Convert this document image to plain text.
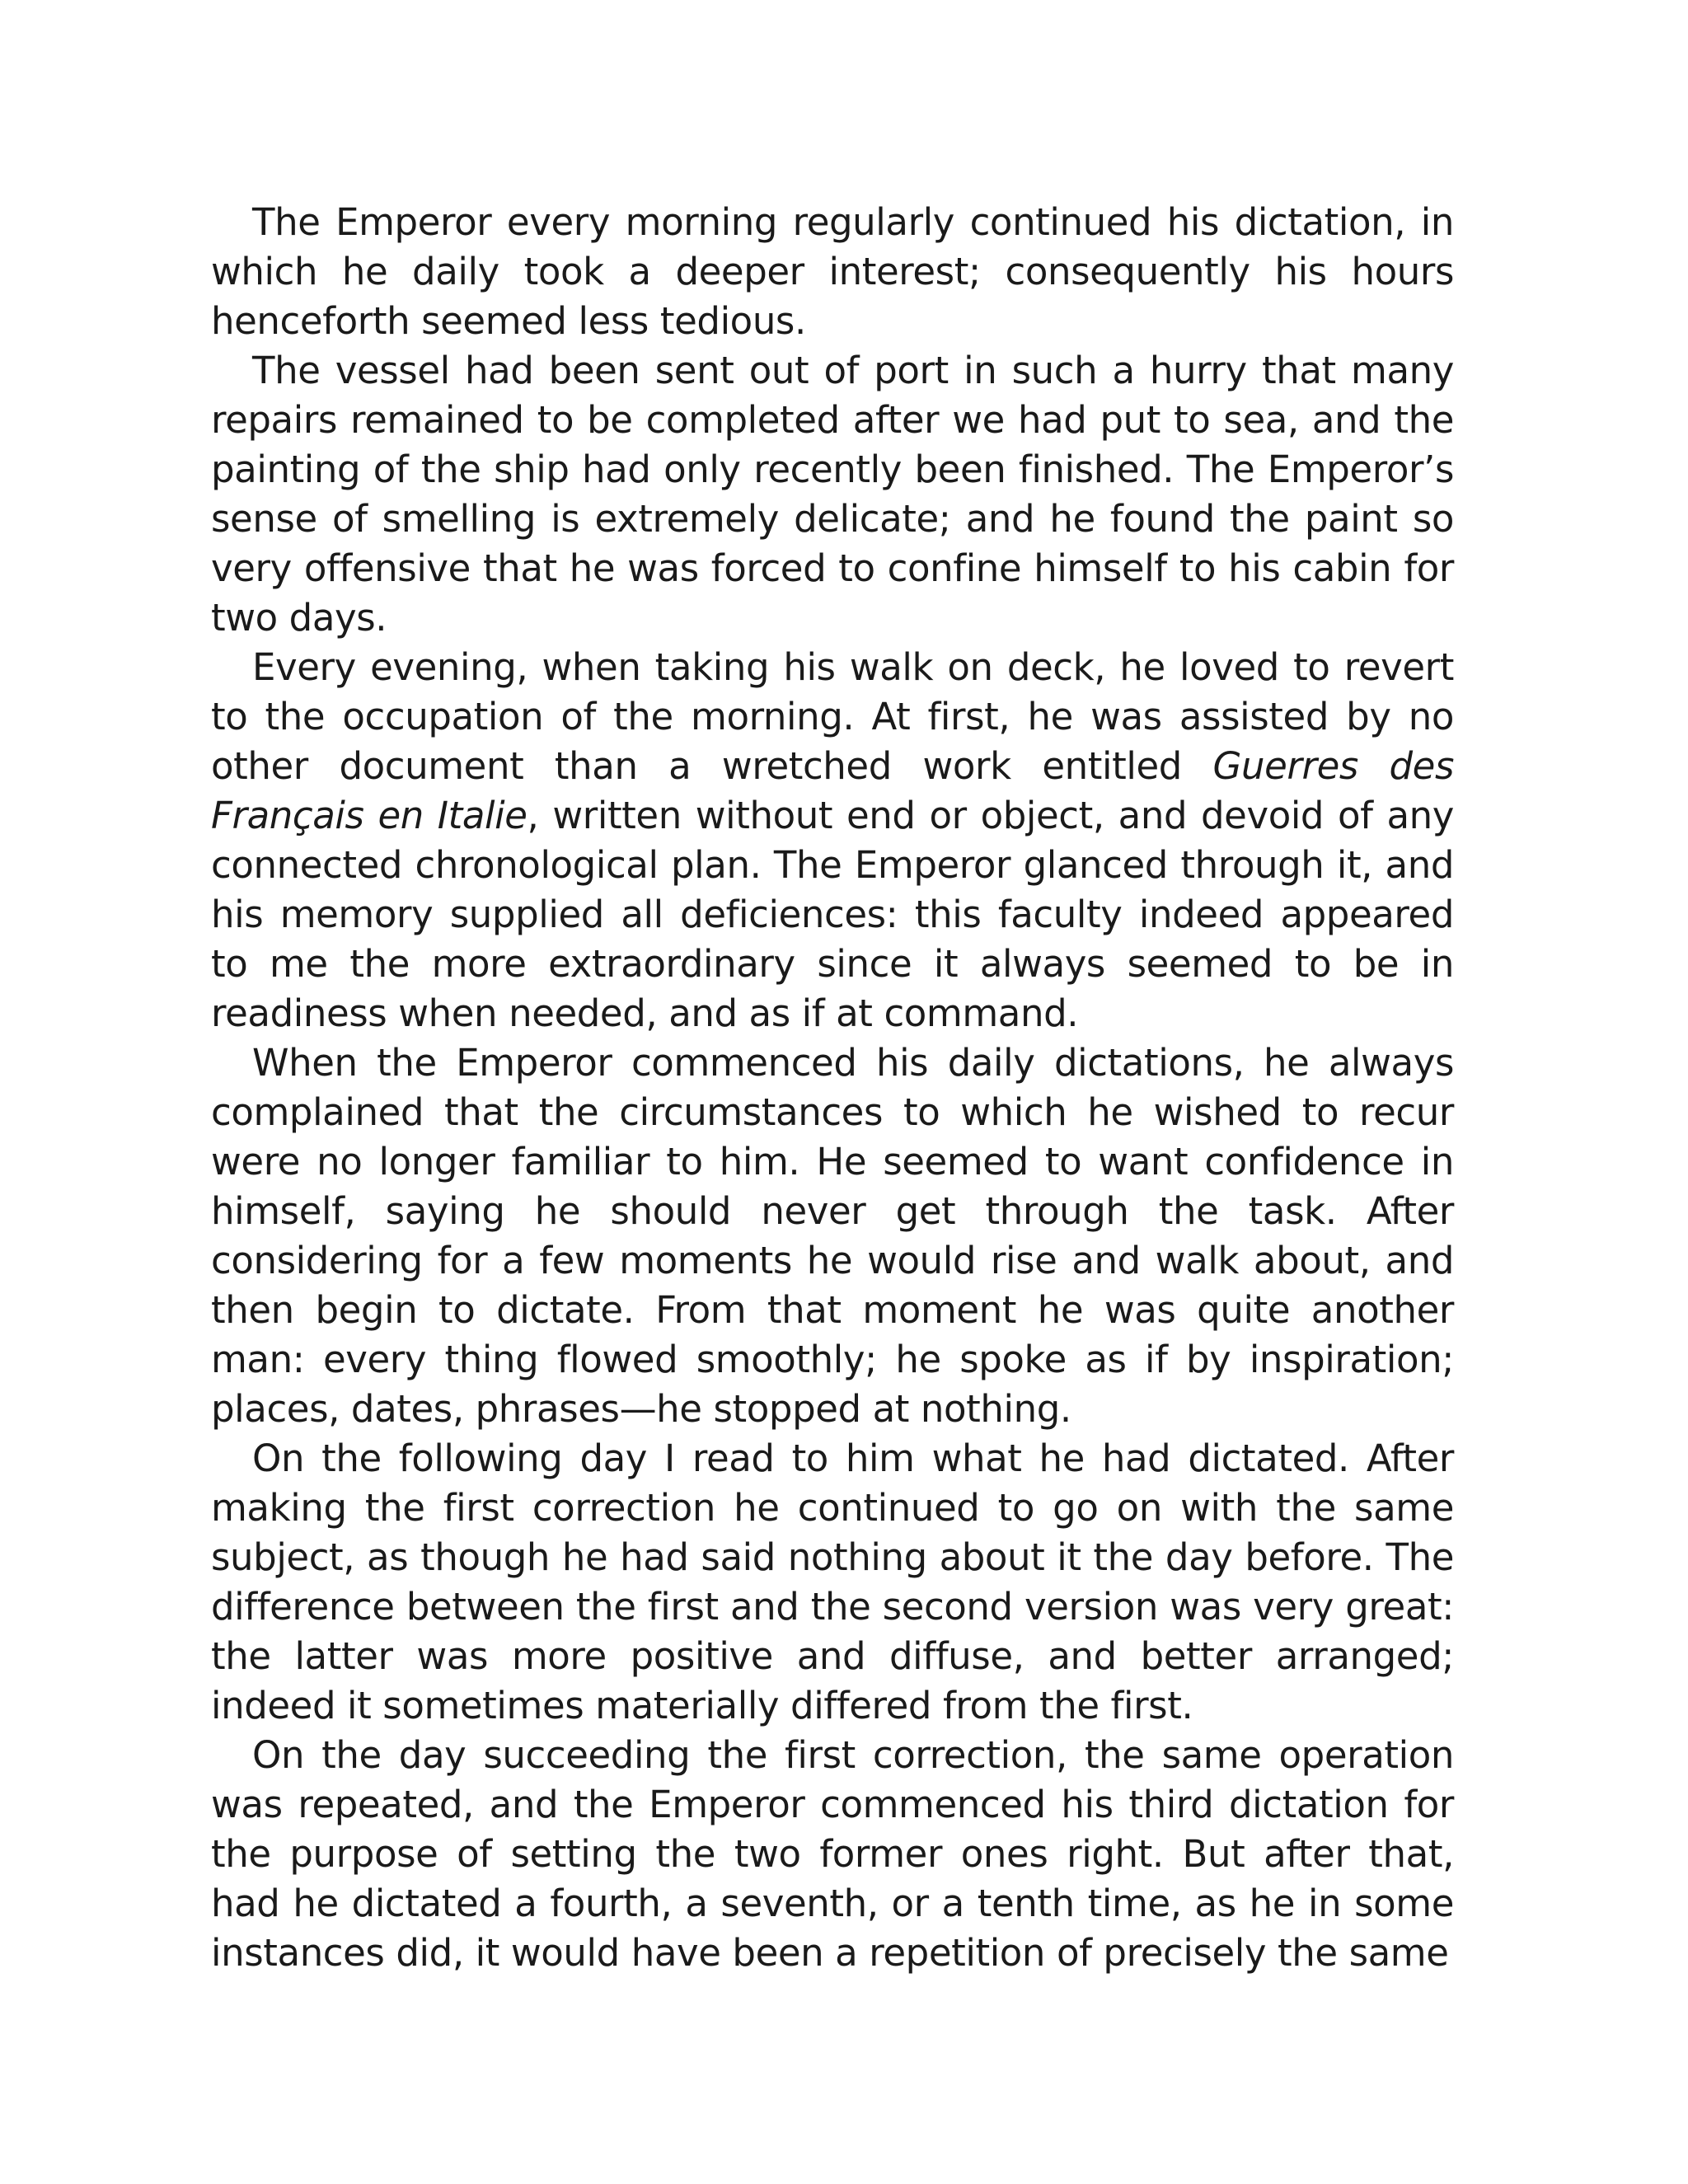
The Emperor every morning regularly continued his dictation, in which he daily took a deeper interest; consequently his hours henceforth seemed less tedious.

The vessel had been sent out of port in such a hurry that many repairs remained to be completed after we had put to sea, and the painting of the ship had only recently been finished. The Emperor’s sense of smelling is extremely delicate; and he found the paint so very offensive that he was forced to confine himself to his cabin for two days.

Every evening, when taking his walk on deck, he loved to revert to the occupation of the morning. At first, he was assisted by no other document than a wretched work entitled Guerres des Français en Italie, written without end or object, and devoid of any connected chronological plan. The Emperor glanced through it, and his memory supplied all deficiences: this faculty indeed appeared to me the more extraordinary since it always seemed to be in readiness when needed, and as if at command.

When the Emperor commenced his daily dictations, he always complained that the circumstances to which he wished to recur were no longer familiar to him. He seemed to want confidence in himself, saying he should never get through the task. After considering for a few moments he would rise and walk about, and then begin to dictate. From that moment he was quite another man: every thing flowed smoothly; he spoke as if by inspiration; places, dates, phrases—he stopped at nothing.

On the following day I read to him what he had dictated. After making the first correction he continued to go on with the same subject, as though he had said nothing about it the day before. The difference between the first and the second version was very great: the latter was more positive and diffuse, and better arranged; indeed it sometimes materially differed from the first.

On the day succeeding the first correction, the same operation was repeated, and the Emperor commenced his third dictation for the purpose of setting the two former ones right. But after that, had he dictated a fourth, a seventh, or a tenth time, as he in some instances did, it would have been a repetition of precisely the same
